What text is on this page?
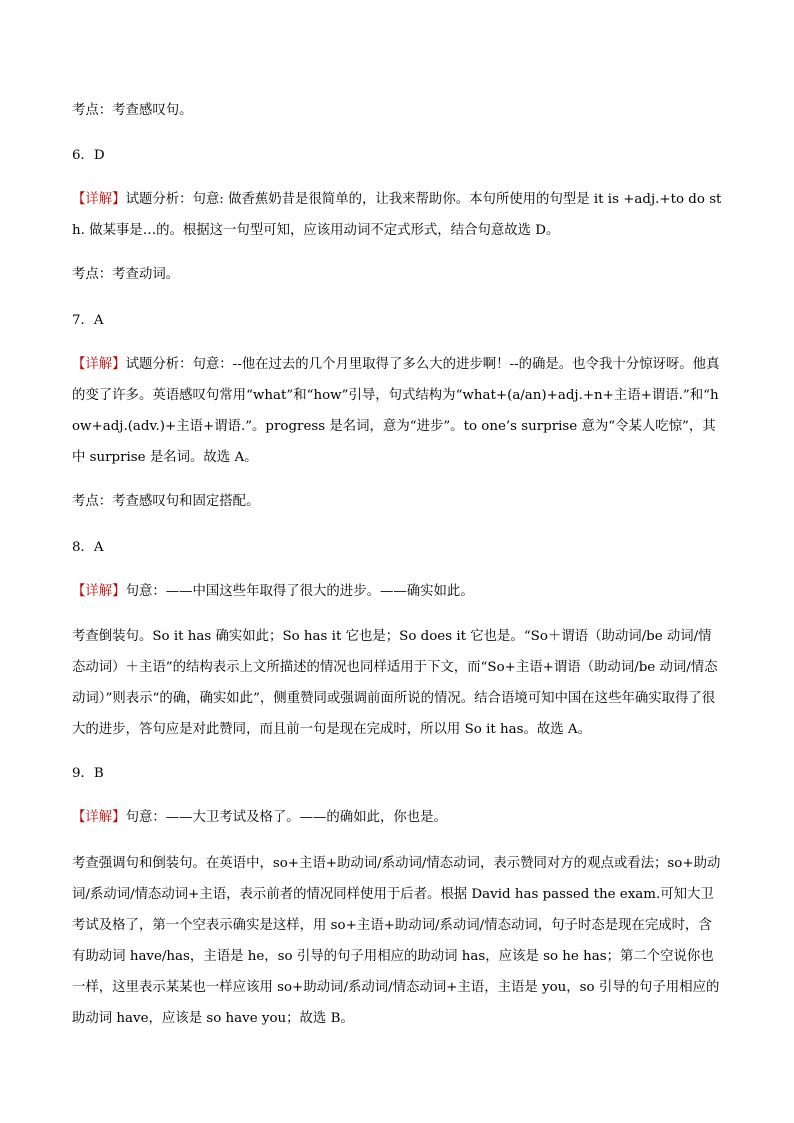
考点：考查感叹句。
6．D
【详解】试题分析：句意: 做香蕉奶昔是很简单的，让我来帮助你。本句所使用的句型是 it is +adj.+to do sth. 做某事是…的。根据这一句型可知，应该用动词不定式形式，结合句意故选 D。
考点：考查动词。
7．A
【详解】试题分析：句意：--他在过去的几个月里取得了多么大的进步啊！--的确是。也令我十分惊讶呀。他真的变了许多。英语感叹句常用“what”和“how”引导，句式结构为“what+(a/an)+adj.+n+主语+谓语.”和“how+adj.(adv.)+主语+谓语.”。progress 是名词，意为“进步”。to one’s surprise 意为“令某人吃惊”，其中 surprise 是名词。故选 A。
考点：考查感叹句和固定搭配。
8．A
【详解】句意：——中国这些年取得了很大的进步。——确实如此。
考查倒装句。So it has 确实如此；So has it 它也是；So does it 它也是。“So＋谓语（助动词/be 动词/情态动词）＋主语”的结构表示上文所描述的情况也同样适用于下文，而“So+主语+谓语（助动词/be 动词/情态动词）”则表示“的确，确实如此”，侧重赞同或强调前面所说的情况。结合语境可知中国在这些年确实取得了很大的进步，答句应是对此赞同，而且前一句是现在完成时，所以用 So it has。故选 A。
9．B
【详解】句意：——大卫考试及格了。——的确如此，你也是。
考查强调句和倒装句。在英语中，so+主语+助动词/系动词/情态动词，表示赞同对方的观点或看法；so+助动词/系动词/情态动词+主语，表示前者的情况同样使用于后者。根据 David has passed the exam.可知大卫考试及格了，第一个空表示确实是这样，用 so+主语+助动词/系动词/情态动词，句子时态是现在完成时，含有助动词 have/has，主语是 he，so 引导的句子用相应的助动词 has，应该是 so he has；第二个空说你也一样，这里表示某某也一样应该用 so+助动词/系动词/情态动词+主语，主语是 you，so 引导的句子用相应的助动词 have，应该是 so have you；故选 B。
